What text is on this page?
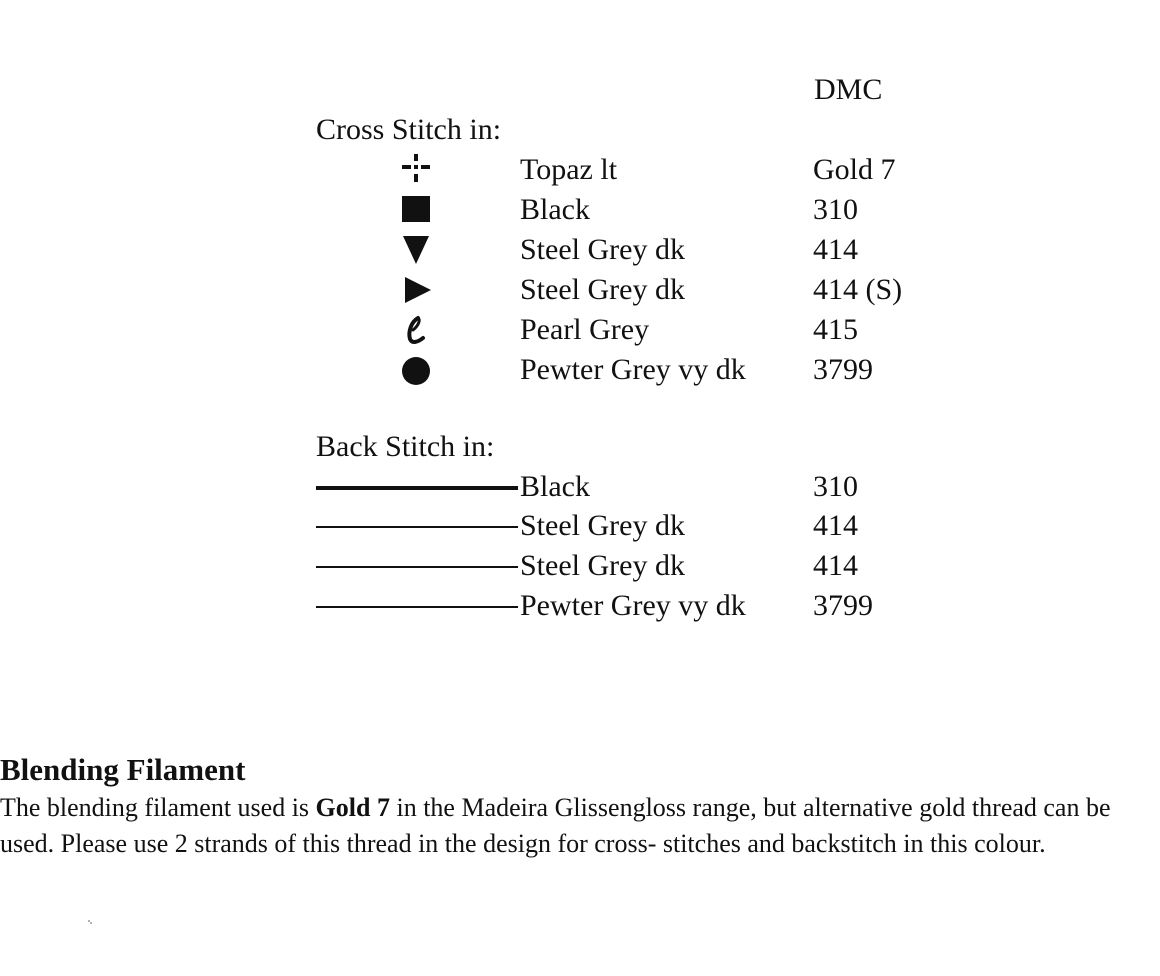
DMC
Cross Stitch in:
Topaz lt	Gold 7
Black	310
Steel Grey dk	414
Steel Grey dk	414 (S)
Pearl Grey	415
Pewter Grey vy dk 3799
Back Stitch in:
Black	310
Steel Grey dk	414
Steel Grey dk	414
Pewter Grey vy dk 3799
Blending Filament
The blending filament used is Gold 7 in the Madeira Glissengloss range, but alternative gold thread can be used. Please use 2 strands of this thread in the design for cross- stitches and backstitch in this colour.
